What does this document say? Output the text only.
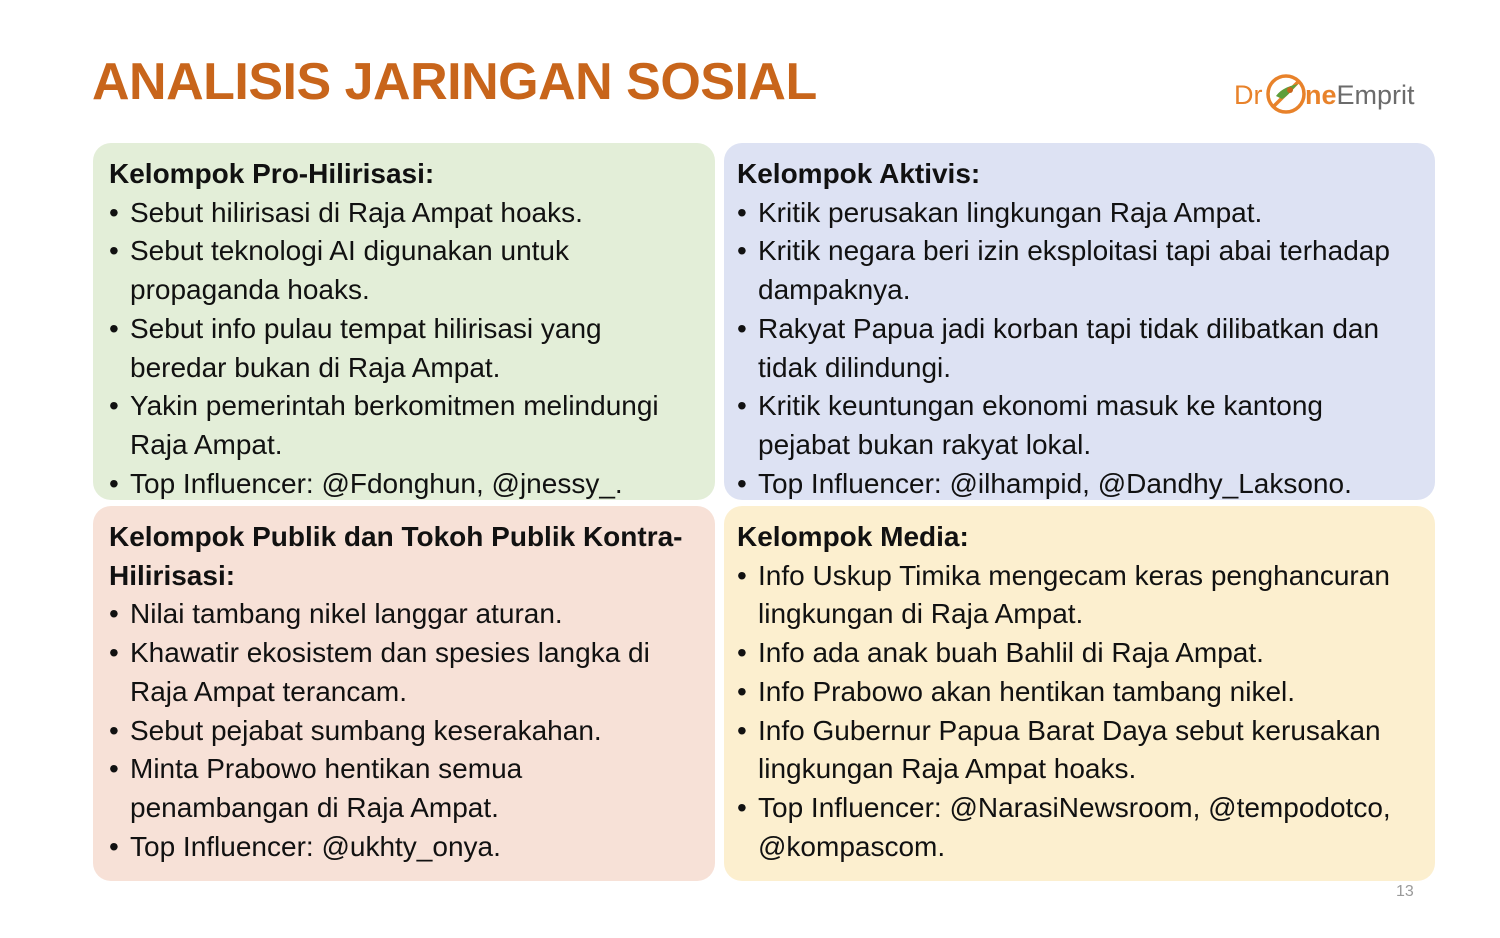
ANALISIS JARINGAN SOSIAL	Dr neEmprit

Kelompok Pro-Hilirisasi:

• Sebut hilirisasi di Raja Ampat hoaks.
• Sebut teknologi AI digunakan untuk propaganda hoaks.
• Sebut info pulau tempat hilirisasi yang beredar bukan di Raja Ampat.
• Yakin pemerintah berkomitmen melindungi Raja Ampat.
• Top Influencer: @Fdonghun, @jnessy_.

Kelompok Aktivis:

• Kritik perusakan lingkungan Raja Ampat.
• Kritik negara beri izin eksploitasi tapi abai terhadap dampaknya.
• Rakyat Papua jadi korban tapi tidak dilibatkan dan tidak dilindungi.
• Kritik keuntungan ekonomi masuk ke kantong pejabat bukan rakyat lokal.
• Top Influencer: @ilhampid, @Dandhy_Laksono.

Kelompok Publik dan Tokoh Publik Kontra-Hilirisasi:

• Nilai tambang nikel langgar aturan.
• Khawatir ekosistem dan spesies langka di Raja Ampat terancam.
• Sebut pejabat sumbang keserakahan.
• Minta Prabowo hentikan semua penambangan di Raja Ampat.
• Top Influencer: @ukhty_onya.

Kelompok Media:

• Info Uskup Timika mengecam keras penghancuran lingkungan di Raja Ampat.
• Info ada anak buah Bahlil di Raja Ampat.
• Info Prabowo akan hentikan tambang nikel.
• Info Gubernur Papua Barat Daya sebut kerusakan lingkungan Raja Ampat hoaks.
• Top Influencer: @NarasiNewsroom, @tempodotco, @kompascom.
13
